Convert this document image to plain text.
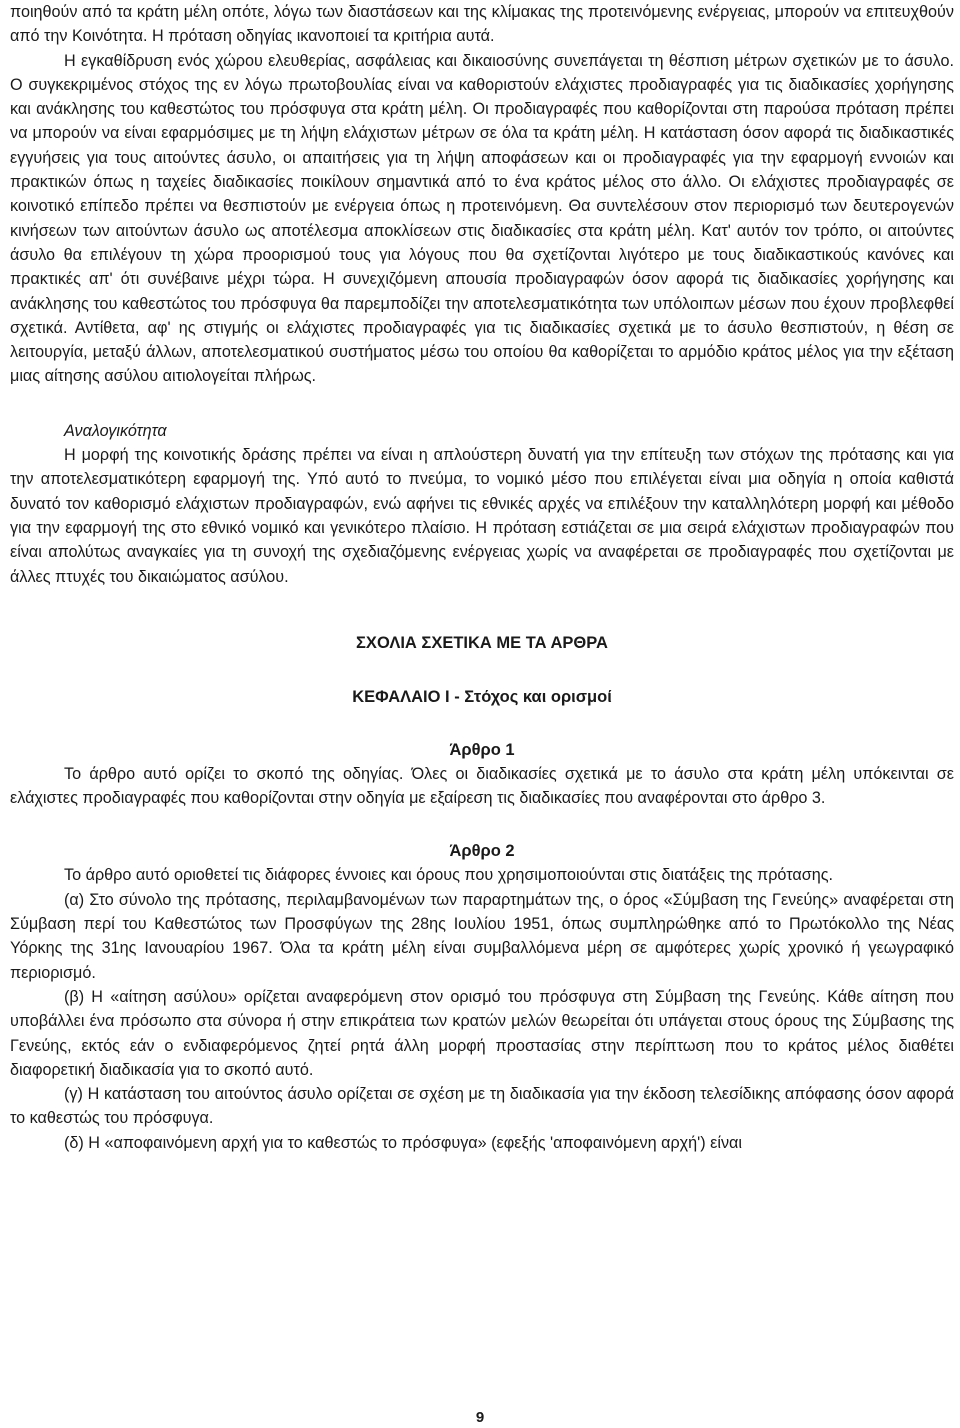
ποιηθούν από τα κράτη μέλη οπότε, λόγω των διαστάσεων και της κλίμακας της προτεινόμενης ενέργειας, μπορούν να επιτευχθούν από την Κοινότητα. Η πρόταση οδηγίας ικανοποιεί τα κριτήρια αυτά.

Η εγκαθίδρυση ενός χώρου ελευθερίας, ασφάλειας και δικαιοσύνης συνεπάγεται τη θέσπιση μέτρων σχετικών με το άσυλο. Ο συγκεκριμένος στόχος της εν λόγω πρωτοβουλίας είναι να καθοριστούν ελάχιστες προδιαγραφές για τις διαδικασίες χορήγησης και ανάκλησης του καθεστώτος του πρόσφυγα στα κράτη μέλη. Οι προδιαγραφές που καθορίζονται στη παρούσα πρόταση πρέπει να μπορούν να είναι εφαρμόσιμες με τη λήψη ελάχιστων μέτρων σε όλα τα κράτη μέλη. Η κατάσταση όσον αφορά τις διαδικαστικές εγγυήσεις για τους αιτούντες άσυλο, οι απαιτήσεις για τη λήψη αποφάσεων και οι προδιαγραφές για την εφαρμογή εννοιών και πρακτικών όπως η ταχείες διαδικασίες ποικίλουν σημαντικά από το ένα κράτος μέλος στο άλλο. Οι ελάχιστες προδιαγραφές σε κοινοτικό επίπεδο πρέπει να θεσπιστούν με ενέργεια όπως η προτεινόμενη. Θα συντελέσουν στον περιορισμό των δευτερογενών κινήσεων των αιτούντων άσυλο ως αποτέλεσμα αποκλίσεων στις διαδικασίες στα κράτη μέλη. Κατ' αυτόν τον τρόπο, οι αιτούντες άσυλο θα επιλέγουν τη χώρα προορισμού τους για λόγους που θα σχετίζονται λιγότερο με τους διαδικαστικούς κανόνες και πρακτικές απ' ότι συνέβαινε μέχρι τώρα. Η συνεχιζόμενη απουσία προδιαγραφών όσον αφορά τις διαδικασίες χορήγησης και ανάκλησης του καθεστώτος του πρόσφυγα θα παρεμποδίζει την αποτελεσματικότητα των υπόλοιπων μέσων που έχουν προβλεφθεί σχετικά. Αντίθετα, αφ' ης στιγμής οι ελάχιστες προδιαγραφές για τις διαδικασίες σχετικά με το άσυλο θεσπιστούν, η θέση σε λειτουργία, μεταξύ άλλων, αποτελεσματικού συστήματος μέσω του οποίου θα καθορίζεται το αρμόδιο κράτος μέλος για την εξέταση μιας αίτησης ασύλου αιτιολογείται πλήρως.

Αναλογικότητα

Η μορφή της κοινοτικής δράσης πρέπει να είναι η απλούστερη δυνατή για την επίτευξη των στόχων της πρότασης και για την αποτελεσματικότερη εφαρμογή της. Υπό αυτό το πνεύμα, το νομικό μέσο που επιλέγεται είναι μια οδηγία η οποία καθιστά δυνατό τον καθορισμό ελάχιστων προδιαγραφών, ενώ αφήνει τις εθνικές αρχές να επιλέξουν την καταλληλότερη μορφή και μέθοδο για την εφαρμογή της στο εθνικό νομικό και γενικότερο πλαίσιο. Η πρόταση εστιάζεται σε μια σειρά ελάχιστων προδιαγραφών που είναι απολύτως αναγκαίες για τη συνοχή της σχεδιαζόμενης ενέργειας χωρίς να αναφέρεται σε προδιαγραφές που σχετίζονται με άλλες πτυχές του δικαιώματος ασύλου.

ΣΧΟΛΙΑ ΣΧΕΤΙΚΑ ΜΕ ΤΑ ΑΡΘΡΑ

ΚΕΦΑΛΑΙΟ Ι - Στόχος και ορισμοί

Άρθρο 1

Το άρθρο αυτό ορίζει το σκοπό της οδηγίας. Όλες οι διαδικασίες σχετικά με το άσυλο στα κράτη μέλη υπόκεινται σε ελάχιστες προδιαγραφές που καθορίζονται στην οδηγία με εξαίρεση τις διαδικασίες που αναφέρονται στο άρθρο 3.

Άρθρο 2

Το άρθρο αυτό οριοθετεί τις διάφορες έννοιες και όρους που χρησιμοποιούνται στις διατάξεις της πρότασης.

(α) Στο σύνολο της πρότασης, περιλαμβανομένων των παραρτημάτων της, ο όρος «Σύμβαση της Γενεύης» αναφέρεται στη Σύμβαση περί του Καθεστώτος των Προσφύγων της 28ης Ιουλίου 1951, όπως συμπληρώθηκε από το Πρωτόκολλο της Νέας Υόρκης της 31ης Ιανουαρίου 1967. Όλα τα κράτη μέλη είναι συμβαλλόμενα μέρη σε αμφότερες χωρίς χρονικό ή γεωγραφικό περιορισμό.

(β) Η «αίτηση ασύλου» ορίζεται αναφερόμενη στον ορισμό του πρόσφυγα στη Σύμβαση της Γενεύης. Κάθε αίτηση που υποβάλλει ένα πρόσωπο στα σύνορα ή στην επικράτεια των κρατών μελών θεωρείται ότι υπάγεται στους όρους της Σύμβασης της Γενεύης, εκτός εάν ο ενδιαφερόμενος ζητεί ρητά άλλη μορφή προστασίας στην περίπτωση που το κράτος μέλος διαθέτει διαφορετική διαδικασία για το σκοπό αυτό.

(γ) Η κατάσταση του αιτούντος άσυλο ορίζεται σε σχέση με τη διαδικασία για την έκδοση τελεσίδικης απόφασης όσον αφορά το καθεστώς του πρόσφυγα.

(δ) Η «αποφαινόμενη αρχή για το καθεστώς το πρόσφυγα» (εφεξής 'αποφαινόμενη αρχή') είναι

9
